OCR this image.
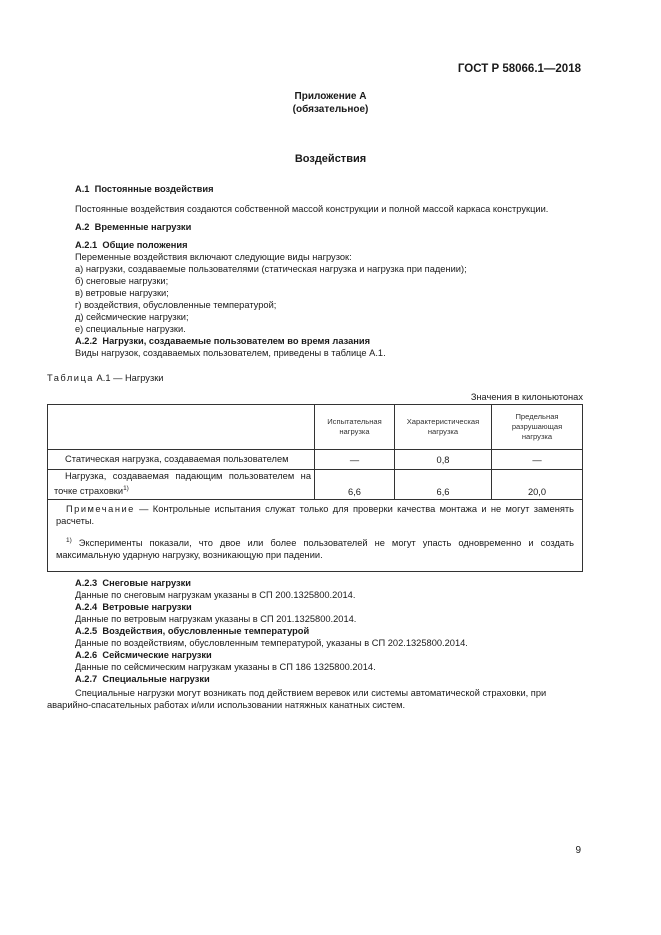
ГОСТ Р 58066.1—2018
Приложение А
(обязательное)
Воздействия
А.1 Постоянные воздействия
Постоянные воздействия создаются собственной массой конструкции и полной массой каркаса конструкции.
А.2 Временные нагрузки
А.2.1 Общие положения
Переменные воздействия включают следующие виды нагрузок:
а) нагрузки, создаваемые пользователями (статическая нагрузка и нагрузка при падении);
б) снеговые нагрузки;
в) ветровые нагрузки;
г) воздействия, обусловленные температурой;
д) сейсмические нагрузки;
е) специальные нагрузки.
А.2.2 Нагрузки, создаваемые пользователем во время лазания
Виды нагрузок, создаваемых пользователем, приведены в таблице А.1.
Таблица А.1 — Нагрузки
Значения в килоньютонах
	Испытательная нагрузка	Характеристическая нагрузка	Предельная разрушающая нагрузка
Статическая нагрузка, создаваемая пользователем	—	0,8	—
Нагрузка, создаваемая падающим пользователем на точке страховки$^{1)}$	6,6	6,6	20,0

Примечание — Контрольные испытания служат только для проверки качества монтажа и не могут заменять расчеты.
$^{1)}$ Эксперименты показали, что двое или более пользователей не могут упасть одновременно и создать максимальную ударную нагрузку, возникающую при падении.			
А.2.3 Снеговые нагрузки
Данные по снеговым нагрузкам указаны в СП 200.1325800.2014.
А.2.4 Ветровые нагрузки
Данные по ветровым нагрузкам указаны в СП 201.1325800.2014.
А.2.5 Воздействия, обусловленные температурой
Данные по воздействиям, обусловленным температурой, указаны в СП 202.1325800.2014.
А.2.6 Сейсмические нагрузки
Данные по сейсмическим нагрузкам указаны в СП 186 1325800.2014.
А.2.7 Специальные нагрузки
Специальные нагрузки могут возникать под действием веревок или системы автоматической страховки, при
аварийно-спасательных работах и/или использовании натяжных канатных систем.
9
